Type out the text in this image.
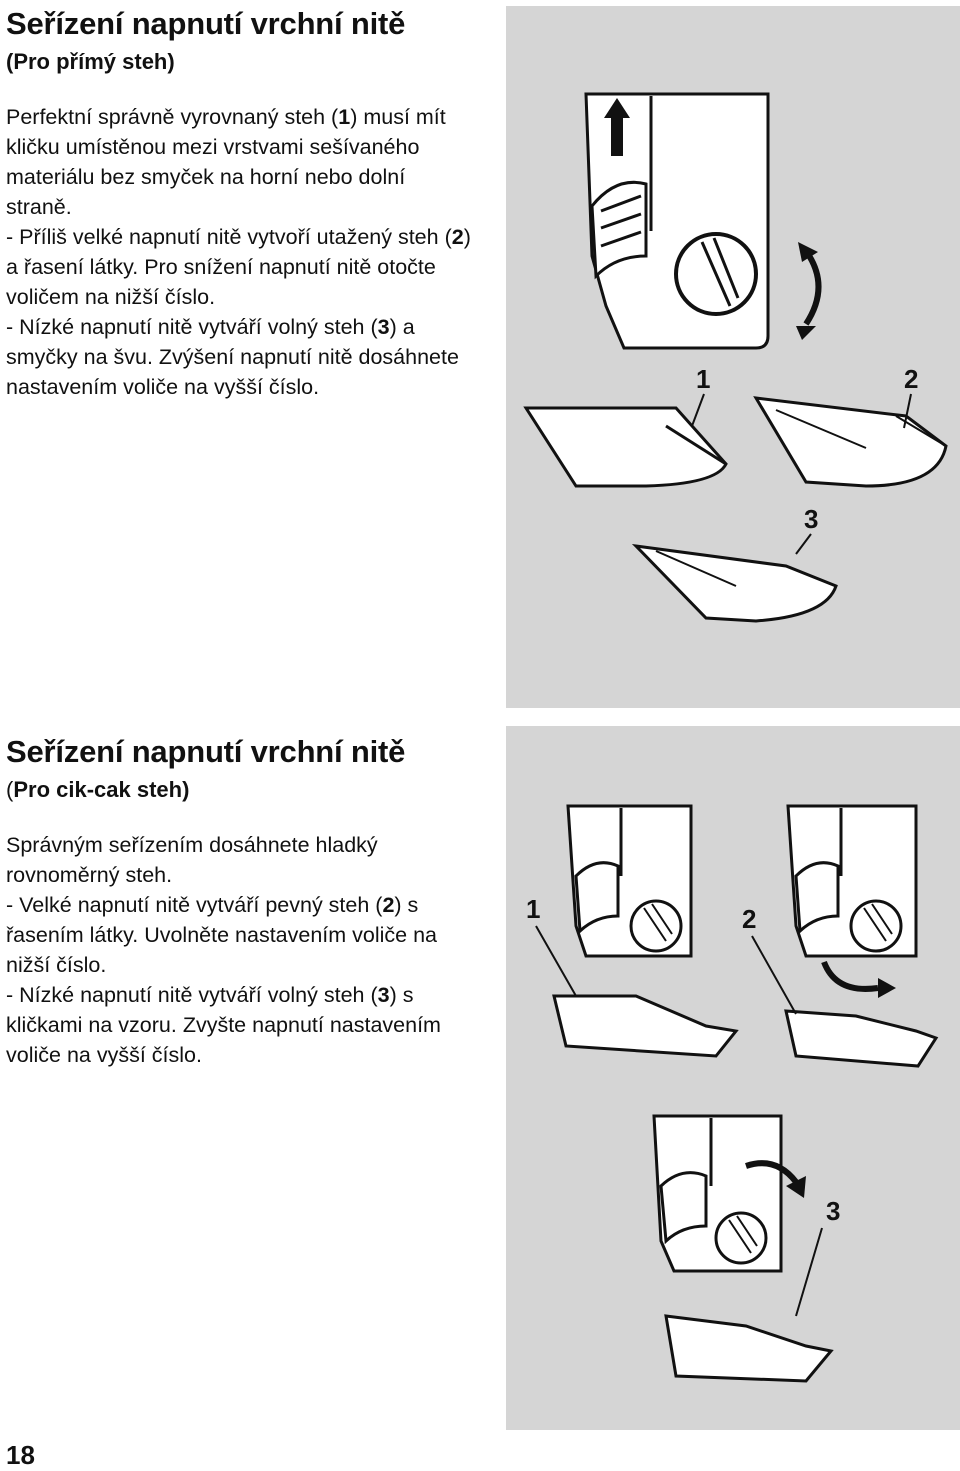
Seřízení napnutí vrchní nitě
(Pro přímý steh)

Perfektní správně vyrovnaný steh (1) musí mít kličku umístěnou mezi vrstvami sešívaného materiálu bez smyček na horní nebo dolní straně.

- Příliš velké napnutí nitě vytvoří utažený steh (2) a řasení látky. Pro snížení napnutí nitě otočte voličem na nižší číslo.

- Nízké napnutí nitě vytváří volný steh (3) a smyčky na švu. Zvýšení napnutí nitě dosáhnete nastavením voliče na vyšší číslo.	1	2
3
Seřízení napnutí vrchní nitě
(Pro cik-cak steh)

Správným seřízením dosáhnete hladký rovnoměrný steh.

- Velké napnutí nitě vytváří pevný steh (2) s řasením látky. Uvolněte nastavením voliče na nižší číslo.

- Nízké napnutí nitě vytváří volný steh (3) s kličkami na vzoru. Zvyšte napnutí nastavením voliče na vyšší číslo.

1	2
3
18
